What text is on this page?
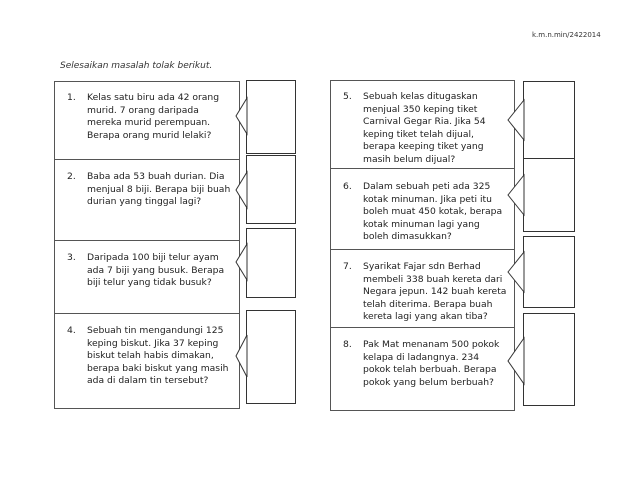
k.m.n.min/2422014
Selesaikan masalah tolak berikut.
1.	Kelas satu biru ada 42 orang murid. 7 orang daripada mereka murid perempuan. Berapa orang murid lelaki?
2.	Baba ada 53 buah durian. Dia menjual 8 biji. Berapa biji buah durian yang tinggal lagi?
3.	Daripada 100 biji telur ayam ada 7 biji yang busuk. Berapa biji telur yang tidak busuk?
4.	Sebuah tin mengandungi 125 keping biskut. Jika 37 keping biskut telah habis dimakan, berapa baki biskut yang masih ada di dalam tin tersebut?
5.	Sebuah kelas ditugaskan menjual 350 keping tiket Carnival Gegar Ria. Jika 54 keping tiket telah dijual, berapa keeping tiket yang masih belum dijual?
6.	Dalam sebuah peti ada 325 kotak minuman. Jika peti itu boleh muat 450 kotak, berapa kotak minuman lagi yang boleh dimasukkan?
7.	Syarikat Fajar sdn Berhad membeli 338 buah kereta dari Negara jepun. 142 buah kereta telah diterima. Berapa buah kereta lagi yang akan tiba?
8.	Pak Mat menanam 500 pokok kelapa di ladangnya. 234 pokok telah berbuah. Berapa pokok yang belum berbuah?
